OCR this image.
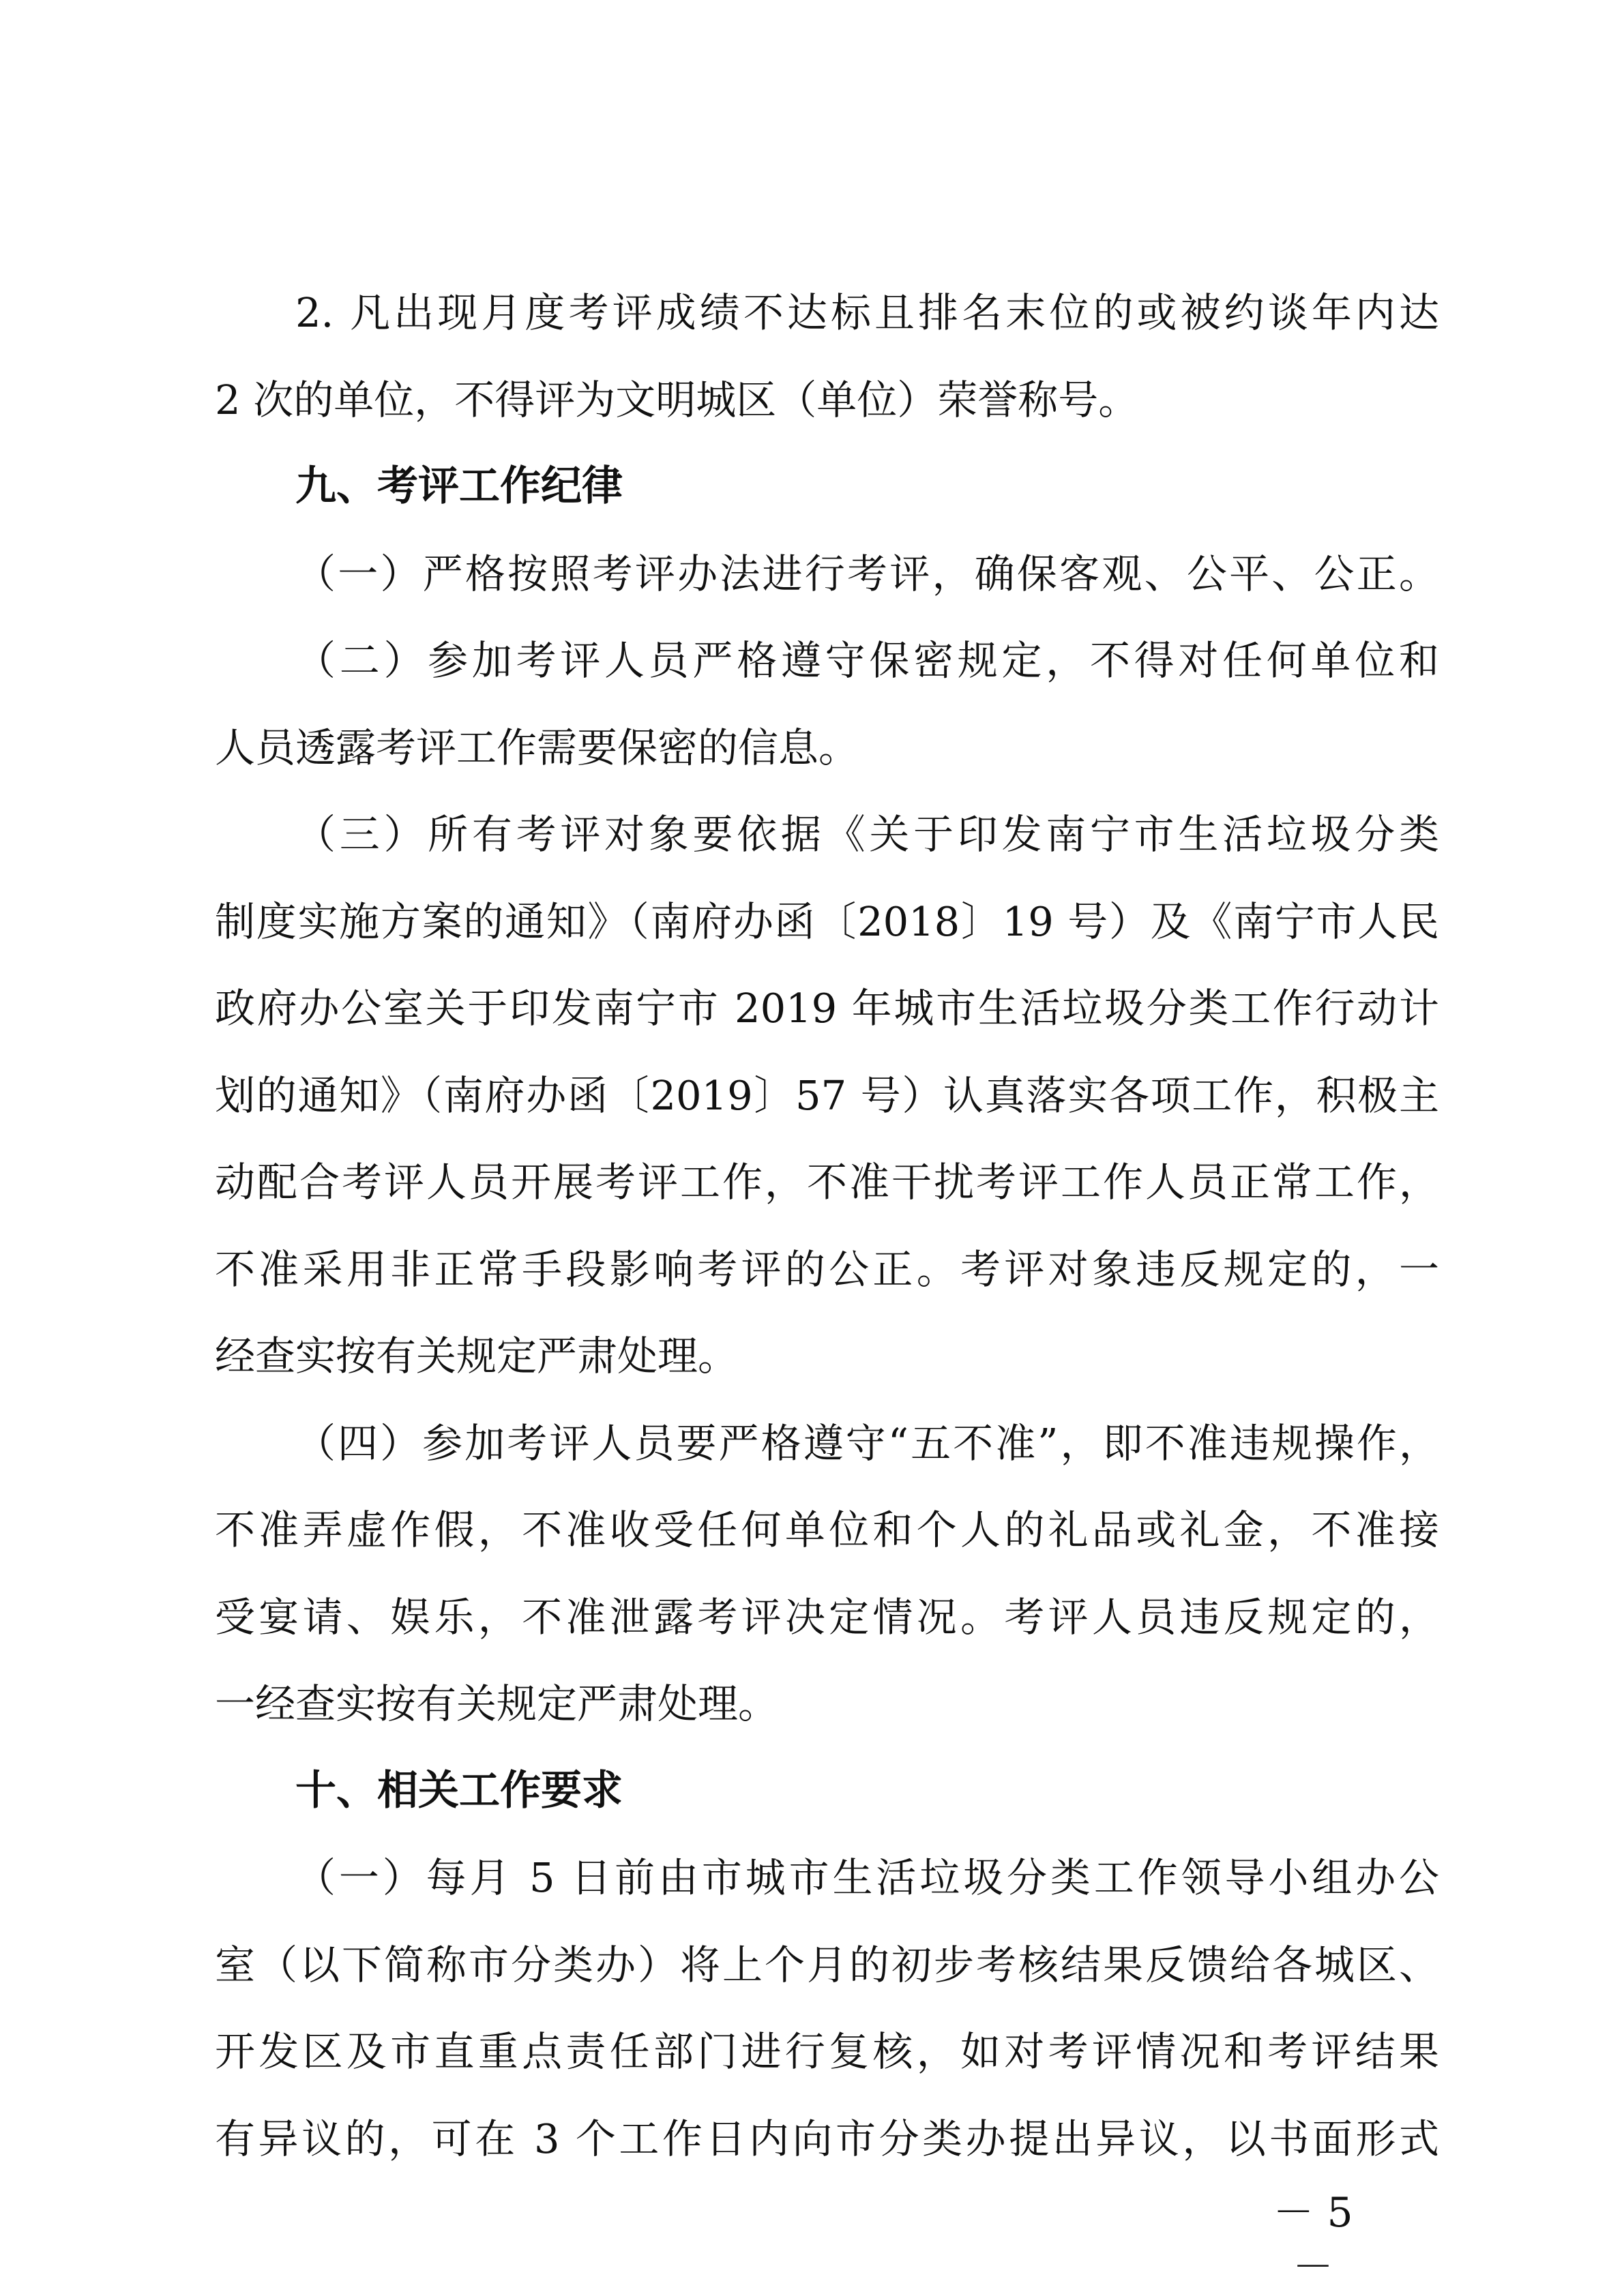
2. 凡出现月度考评成绩不达标且排名末位的或被约谈年内达
2 次的单位，不得评为文明城区（单位）荣誉称号。
九、考评工作纪律
（一）严格按照考评办法进行考评，确保客观、公平、公正。
（二）参加考评人员严格遵守保密规定，不得对任何单位和
人员透露考评工作需要保密的信息。
（三）所有考评对象要依据《关于印发南宁市生活垃圾分类
制度实施方案的通知》（南府办函〔2018〕19 号）及《南宁市人民
政府办公室关于印发南宁市 2019 年城市生活垃圾分类工作行动计
划的通知》（南府办函〔2019〕57 号）认真落实各项工作，积极主
动配合考评人员开展考评工作，不准干扰考评工作人员正常工作，
不准采用非正常手段影响考评的公正。考评对象违反规定的，一
经查实按有关规定严肃处理。
（四）参加考评人员要严格遵守“五不准”，即不准违规操作，
不准弄虚作假，不准收受任何单位和个人的礼品或礼金，不准接
受宴请、娱乐，不准泄露考评决定情况。考评人员违反规定的，
一经查实按有关规定严肃处理。
十、相关工作要求
（一）每月 5 日前由市城市生活垃圾分类工作领导小组办公
室（以下简称市分类办）将上个月的初步考核结果反馈给各城区、
开发区及市直重点责任部门进行复核，如对考评情况和考评结果
有异议的，可在 3 个工作日内向市分类办提出异议，以书面形式
－ 5 －
